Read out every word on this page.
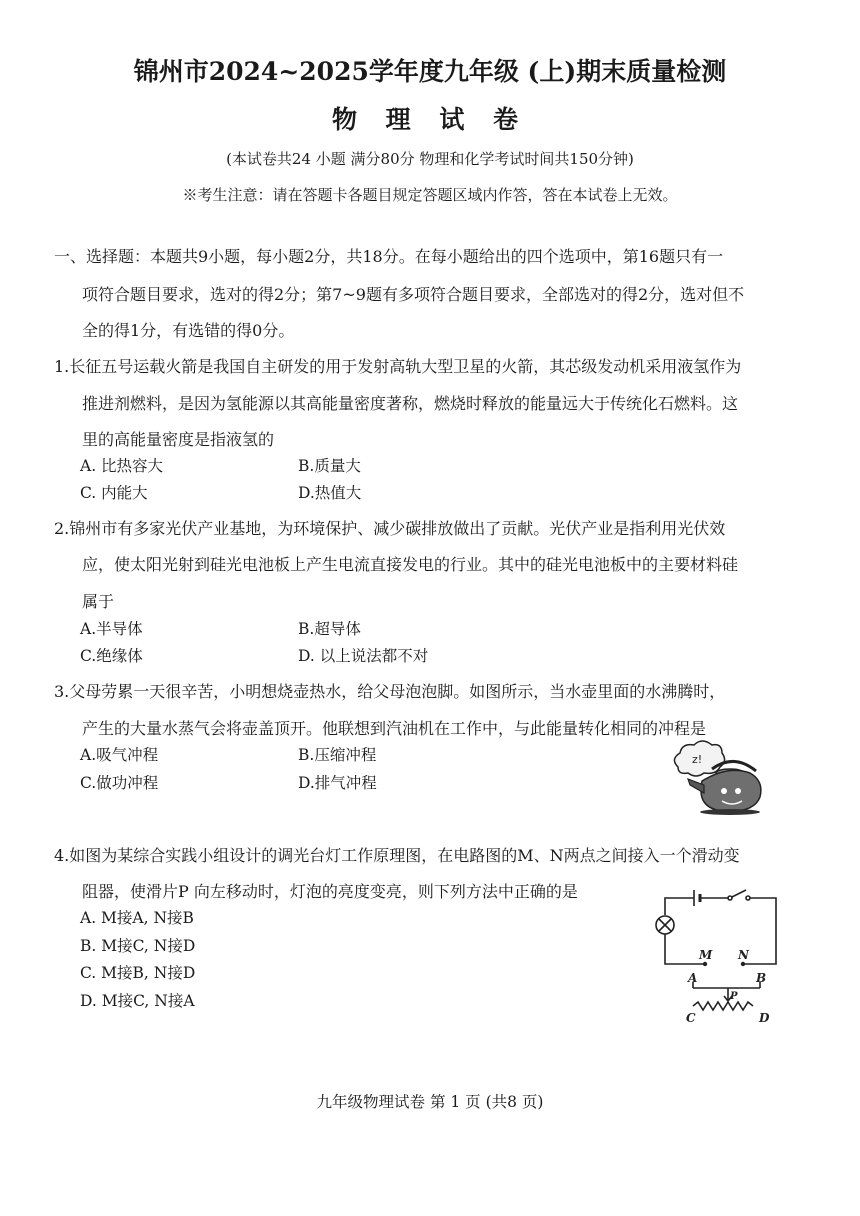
锦州市2024~2025学年度九年级 (上)期末质量检测
物 理 试 卷
(本试卷共24 小题 满分80分 物理和化学考试时间共150分钟)
※考生注意：请在答题卡各题目规定答题区域内作答，答在本试卷上无效。
一、选择题：本题共9小题，每小题2分，共18分。在每小题给出的四个选项中，第16题只有一
项符合题目要求，选对的得2分；第7~9题有多项符合题目要求，全部选对的得2分，选对但不
全的得1分，有选错的得0分。
1.长征五号运载火箭是我国自主研发的用于发射高轨大型卫星的火箭，其芯级发动机采用液氢作为
推进剂燃料，是因为氢能源以其高能量密度著称，燃烧时释放的能量远大于传统化石燃料。这
里的高能量密度是指液氢的
A. 比热容大	B.质量大
C. 内能大	D.热值大
2.锦州市有多家光伏产业基地，为环境保护、减少碳排放做出了贡献。光伏产业是指利用光伏效
应，使太阳光射到硅光电池板上产生电流直接发电的行业。其中的硅光电池板中的主要材料硅
属于
A.半导体	B.超导体
C.绝缘体	D. 以上说法都不对
3.父母劳累一天很辛苦，小明想烧壶热水，给父母泡泡脚。如图所示，当水壶里面的水沸腾时，
产生的大量水蒸气会将壶盖顶开。他联想到汽油机在工作中，与此能量转化相同的冲程是
A.吸气冲程	B.压缩冲程
C.做功冲程	D.排气冲程
z!
4.如图为某综合实践小组设计的调光台灯工作原理图，在电路图的M、N两点之间接入一个滑动变
阻器，使滑片P 向左移动时，灯泡的亮度变亮，则下列方法中正确的是
A. M接A, N接B
B. M接C, N接D
C. M接B, N接D
D. M接C, N接A
M N
A	B
P
C	D
九年级物理试卷 第 1 页 (共8 页)
